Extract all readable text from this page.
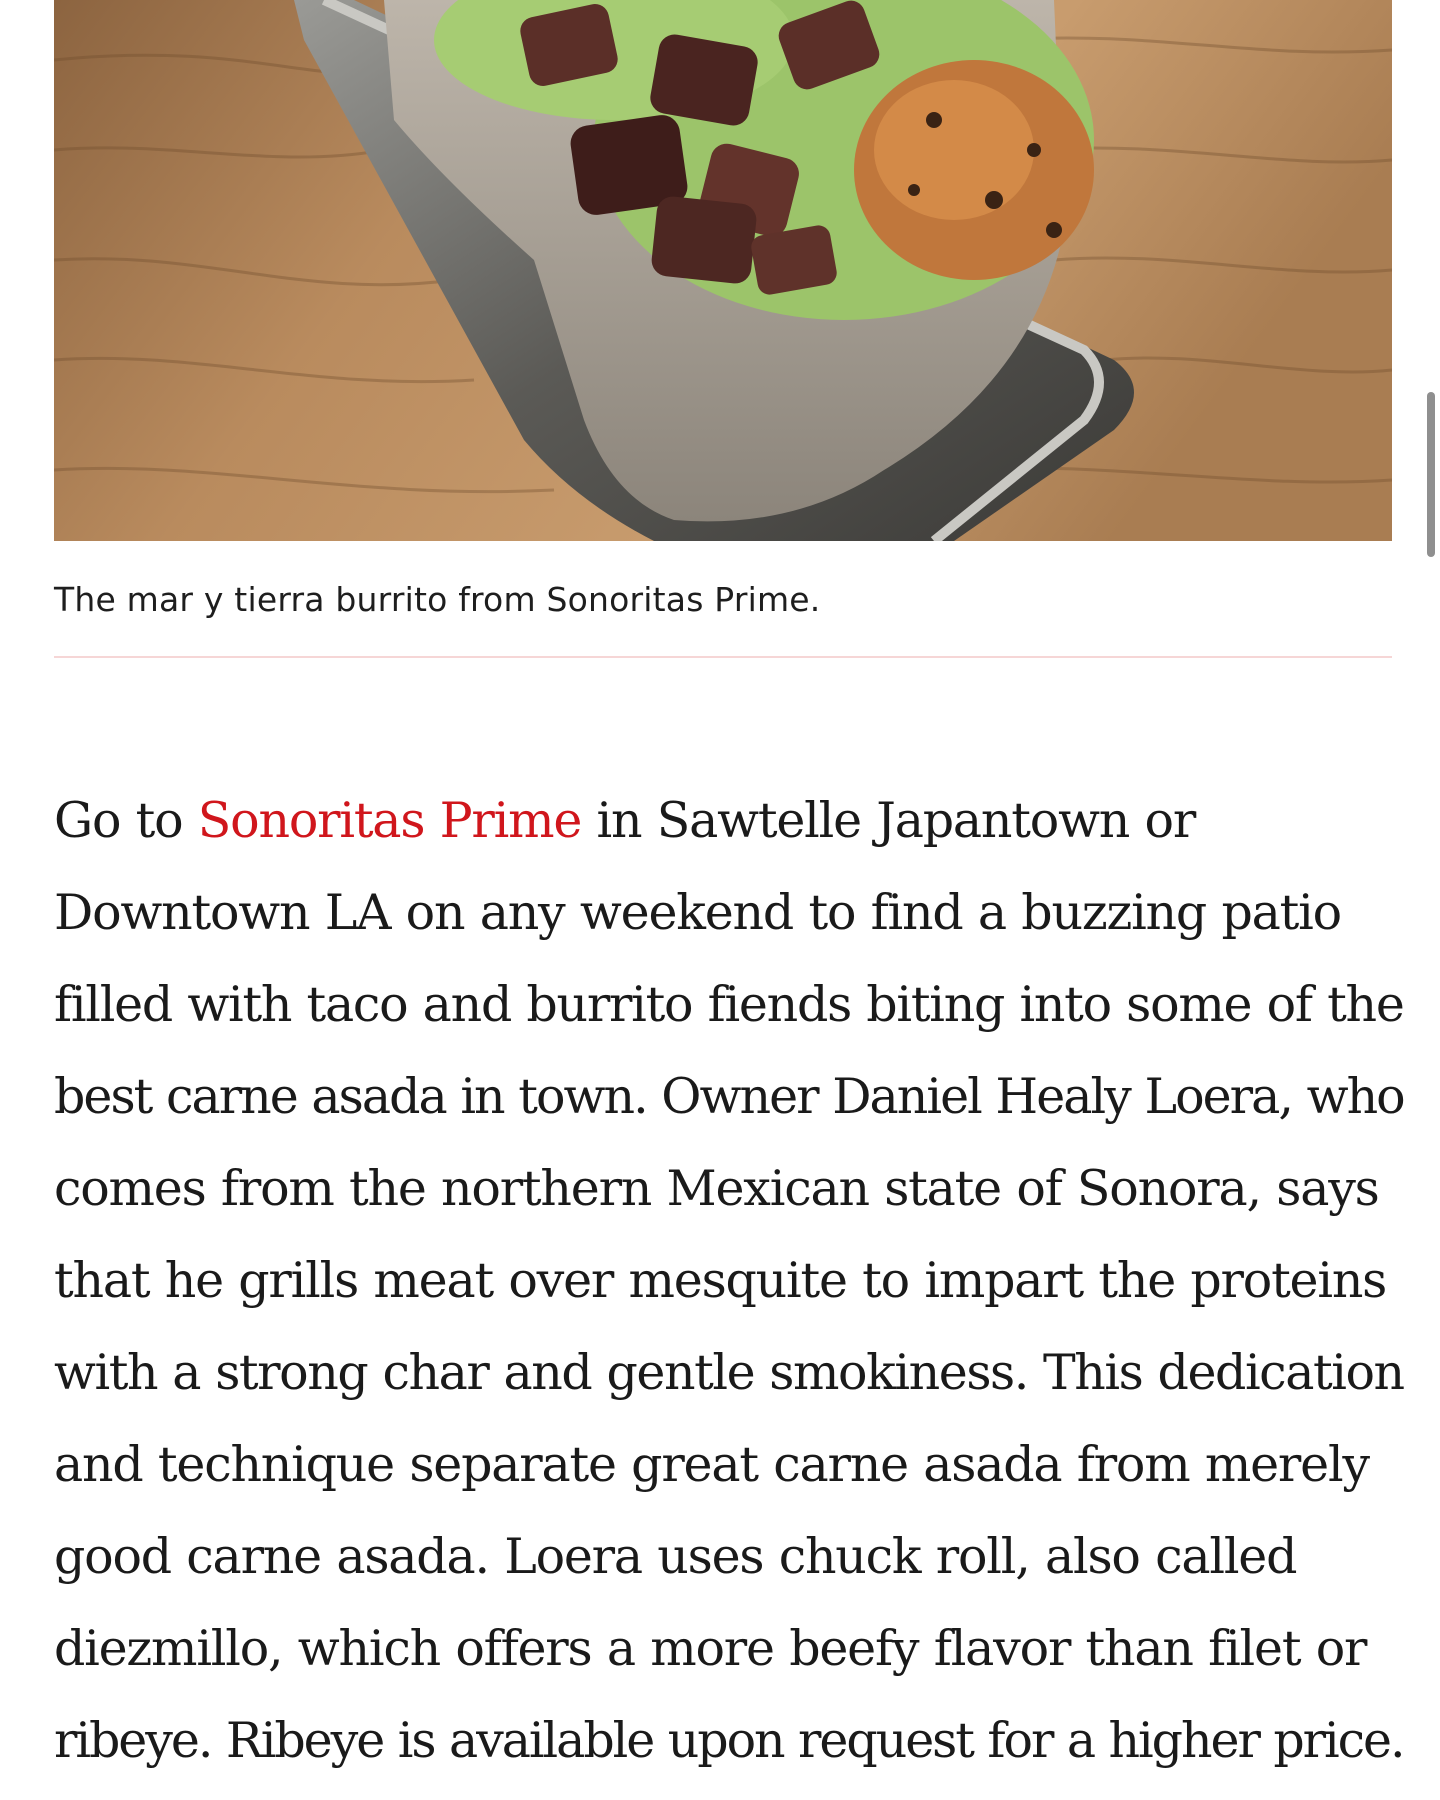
The mar y tierra burrito from Sonoritas Prime.
Go to Sonoritas Prime in Sawtelle Japantown or
Downtown LA on any weekend to find a buzzing patio
filled with taco and burrito fiends biting into some of the
best carne asada in town. Owner Daniel Healy Loera, who
comes from the northern Mexican state of Sonora, says
that he grills meat over mesquite to impart the proteins
with a strong char and gentle smokiness. This dedication
and technique separate great carne asada from merely
good carne asada. Loera uses chuck roll, also called
diezmillo, which offers a more beefy flavor than filet or
ribeye. Ribeye is available upon request for a higher price.
